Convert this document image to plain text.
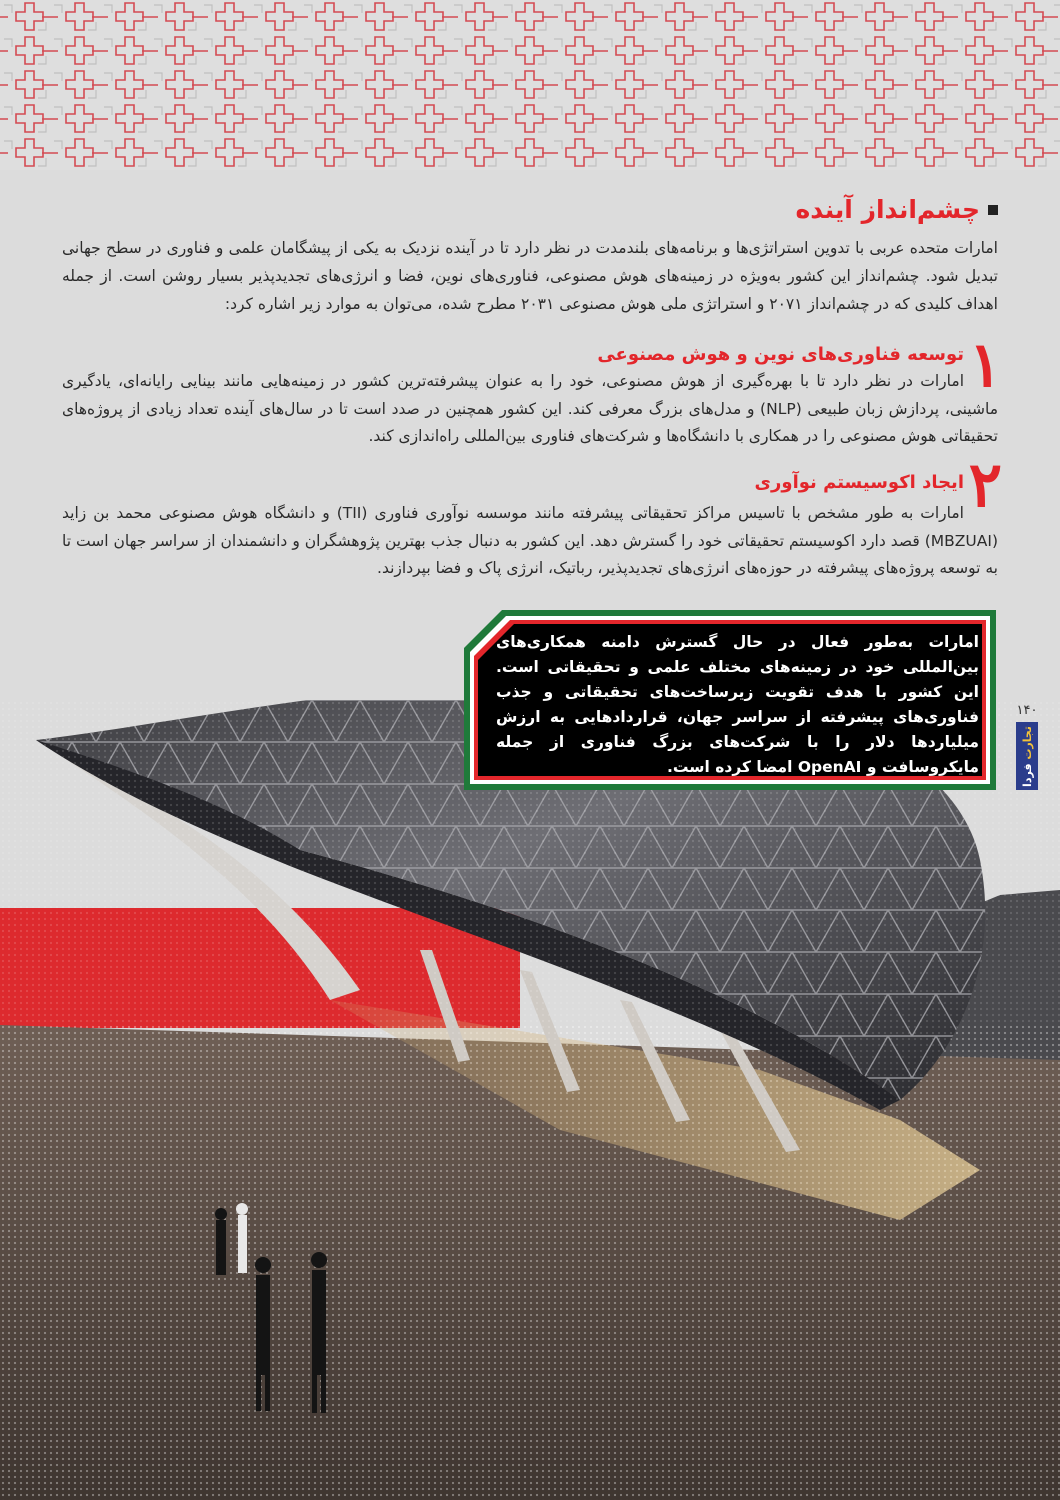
چشم‌انداز آینده

امارات متحده عربی با تدوین استراتژی‌ها و برنامه‌های بلندمدت در نظر دارد تا در آینده نزدیک به یکی از پیشگامان علمی و فناوری در سطح جهانی تبدیل شود. چشم‌انداز این کشور به‌ویژه در زمینه‌های هوش مصنوعی، فناوری‌های نوین، فضا و انرژی‌های تجدیدپذیر بسیار روشن است. از جمله اهداف کلیدی که در چشم‌انداز ۲۰۷۱ و استراتژی ملی هوش مصنوعی ۲۰۳۱ مطرح شده، می‌توان به موارد زیر اشاره کرد:

۱
توسعه فناوری‌های نوین و هوش مصنوعی

امارات در نظر دارد تا با بهره‌گیری از هوش مصنوعی، خود را به عنوان پیشرفته‌ترین کشور در زمینه‌هایی مانند بینایی رایانه‌ای، یادگیری ماشینی، پردازش زبان طبیعی (NLP) و مدل‌های بزرگ معرفی کند. این کشور همچنین در صدد است تا در سال‌های آینده تعداد زیادی از پروژه‌های تحقیقاتی هوش مصنوعی را در همکاری با دانشگاه‌ها و شرکت‌های فناوری بین‌المللی راه‌اندازی کند.

۲
ایجاد اکوسیستم نوآوری

امارات به طور مشخص با تاسیس مراکز تحقیقاتی پیشرفته مانند موسسه نوآوری فناوری (TII) و دانشگاه هوش مصنوعی محمد بن زاید (MBZUAI) قصد دارد اکوسیستم تحقیقاتی خود را گسترش دهد. این کشور به دنبال جذب بهترین پژوهشگران و دانشمندان از سراسر جهان است تا به توسعه پروژه‌های پیشرفته در حوزه‌های انرژی‌های تجدیدپذیر، رباتیک، انرژی پاک و فضا بپردازند.

امارات به‌طور فعال در حال گسترش دامنه همکاری‌های بین‌المللی خود در زمینه‌های مختلف علمی و تحقیقاتی است. این کشور با هدف تقویت زیرساخت‌های تحقیقاتی و جذب فناوری‌های پیشرفته از سراسر جهان، قراردادهایی به ارزش میلیاردها دلار را با شرکت‌های بزرگ فناوری از جمله مایکروسافت و OpenAI امضا کرده است.
۱۴۰
تجارت فردا
